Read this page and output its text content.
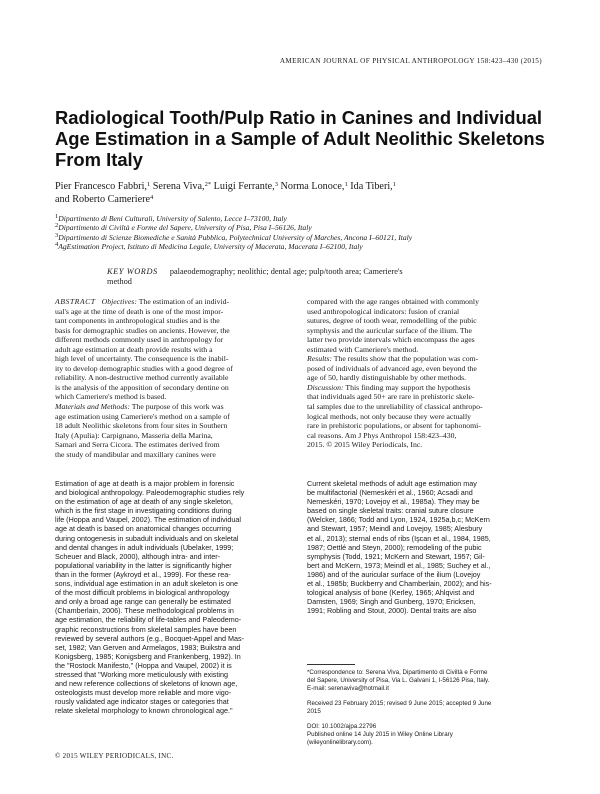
AMERICAN JOURNAL OF PHYSICAL ANTHROPOLOGY 158:423–430 (2015)
Radiological Tooth/Pulp Ratio in Canines and Individual
Age Estimation in a Sample of Adult Neolithic Skeletons
From Italy
Pier Francesco Fabbri,$^1$ Serena Viva,$^{2*}$ Luigi Ferrante,$^3$ Norma Lonoce,$^1$ Ida Tiberi,$^1$
and Roberto Cameriere$^4$
$^1$Dipartimento di Beni Culturali, University of Salento, Lecce I–73100, Italy
$^2$Dipartimento di Civiltà e Forme del Sapere, University of Pisa, Pisa I–56126, Italy
$^3$Dipartimento di Scienze Biomediche e Sanità Pubblica, Polytechnical University of Marches, Ancona I–60121, Italy
$^4$AgEstimation Project, Istituto di Medicina Legale, University of Macerata, Macerata I–62100, Italy
KEY WORDS palaeodemography; neolithic; dental age; pulp/tooth area; Cameriere's
method
ABSTRACT Objectives: The estimation of an individ-
ual's age at the time of death is one of the most impor-
tant components in anthropological studies and is the
basis for demographic studies on ancients. However, the
different methods commonly used in anthropology for
adult age estimation at death provide results with a
high level of uncertainty. The consequence is the inabil-
ity to develop demographic studies with a good degree of
reliability. A non-destructive method currently available
is the analysis of the apposition of secondary dentine on
which Cameriere's method is based.
Materials and Methods: The purpose of this work was
age estimation using Cameriere's method on a sample of
18 adult Neolithic skeletons from four sites in Southern
Italy (Apulia): Carpignano, Masseria della Marina,
Samari and Serra Cicora. The estimates derived from
the study of mandibular and maxillary canines were
compared with the age ranges obtained with commonly
used anthropological indicators: fusion of cranial
sutures, degree of tooth wear, remodelling of the pubic
symphysis and the auricular surface of the ilium. The
latter two provide intervals which encompass the ages
estimated with Cameriere's method.
Results: The results show that the population was com-
posed of individuals of advanced age, even beyond the
age of 50, hardly distinguishable by other methods.
Discussion: This finding may support the hypothesis
that individuals aged 50+ are rare in prehistoric skele-
tal samples due to the unreliability of classical anthropo-
logical methods, not only because they were actually
rare in prehistoric populations, or absent for taphonomi-
cal reasons. Am J Phys Anthropol 158:423–430,
2015. © 2015 Wiley Periodicals, Inc.
Estimation of age at death is a major problem in forensic
and biological anthropology. Paleodemographic studies rely
on the estimation of age at death of any single skeleton,
which is the first stage in investigating conditions during
life (Hoppa and Vaupel, 2002). The estimation of individual
age at death is based on anatomical changes occurring
during ontogenesis in subadult individuals and on skeletal
and dental changes in adult individuals (Ubelaker, 1999;
Scheuer and Black, 2000), although intra- and inter-
populational variability in the latter is significantly higher
than in the former (Aykroyd et al., 1999). For these rea-
sons, individual age estimation in an adult skeleton is one
of the most difficult problems in biological anthropology
and only a broad age range can generally be estimated
(Chamberlain, 2006). These methodological problems in
age estimation, the reliability of life-tables and Paleodemo-
graphic reconstructions from skeletal samples have been
reviewed by several authors (e.g., Bocquet-Appel and Mas-
set, 1982; Van Gerven and Armelagos, 1983; Buikstra and
Konigsberg, 1985; Konigsberg and Frankenberg, 1992). In
the "Rostock Manifesto," (Hoppa and Vaupel, 2002) it is
stressed that "Working more meticulously with existing
and new reference collections of skeletons of known age,
osteologists must develop more reliable and more vigo-
rously validated age indicator stages or categories that
relate skeletal morphology to known chronological age."
Current skeletal methods of adult age estimation may
be multifactorial (Nemeskéri et al., 1960; Acsadi and
Nemeskéri, 1970; Lovejoy et al., 1985a). They may be
based on single skeletal traits: cranial suture closure
(Welcker, 1866; Todd and Lyon, 1924, 1925a,b,c; McKern
and Stewart, 1957; Meindl and Lovejoy, 1985; Alesbury
et al., 2013); sternal ends of ribs (Işcan et al., 1984, 1985,
1987; Oettlé and Steyn, 2000); remodeling of the pubic
symphysis (Todd, 1921; McKern and Stewart, 1957; Gil-
bert and McKern, 1973; Meindl et al., 1985; Suchey et al.,
1986) and of the auricular surface of the ilium (Lovejoy
et al., 1985b; Buckberry and Chamberlain, 2002); and his-
tological analysis of bone (Kerley, 1965; Ahlqvist and
Damsten, 1969; Singh and Gunberg, 1970; Ericksen,
1991; Robling and Stout, 2000). Dental traits are also
*Correspondence to: Serena Viva, Dipartimento di Civiltà e Forme
del Sapere, University of Pisa, Via L. Galvani 1, I-56126 Pisa, Italy.
E-mail: serenaviva@hotmail.it
Received 23 February 2015; revised 9 June 2015; accepted 9 June
2015
DOI: 10.1002/ajpa.22796
Published online 14 July 2015 in Wiley Online Library
(wileyonlinelibrary.com).
© 2015 WILEY PERIODICALS, INC.
